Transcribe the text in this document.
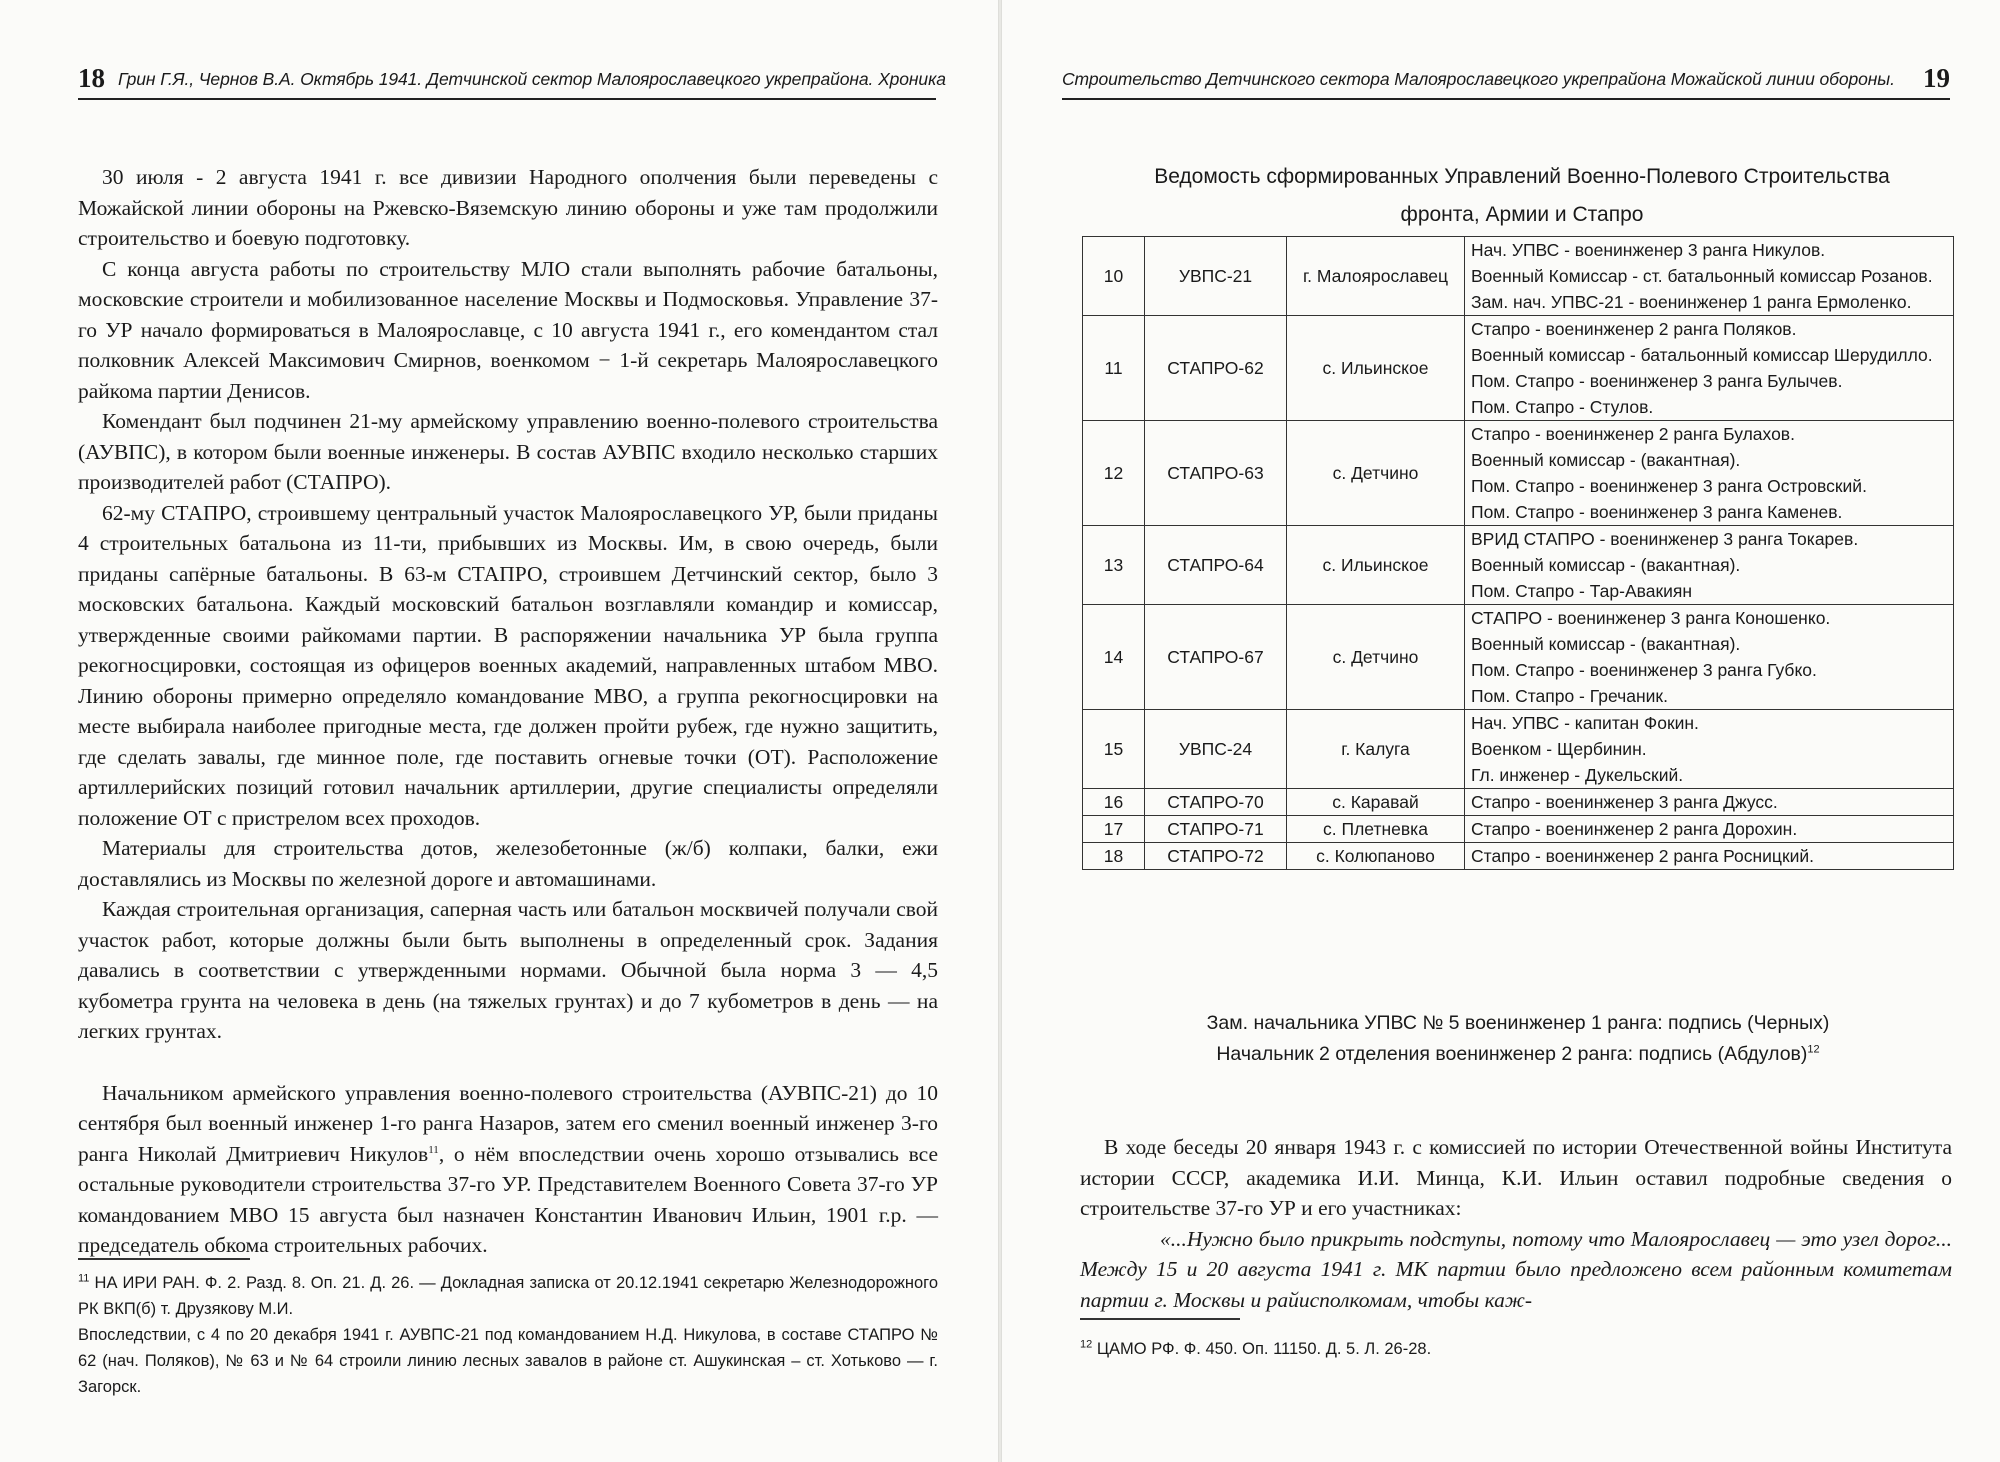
18 Грин Г.Я., Чернов В.А. Октябрь 1941. Детчинской сектор Малоярославецкого укрепрайона. Хроника

30 июля - 2 августа 1941 г. все дивизии Народного ополчения были переведены с Можайской линии обороны на Ржевско-Вяземскую линию обороны и уже там продолжили строительство и боевую подготовку.

С конца августа работы по строительству МЛО стали выполнять рабочие батальоны, московские строители и мобилизованное население Москвы и Подмосковья. Управление 37-го УР начало формироваться в Малоярославце, с 10 августа 1941 г., его комендантом стал полковник Алексей Максимович Смирнов, военкомом − 1-й секретарь Малоярославецкого райкома партии Денисов.

Комендант был подчинен 21-му армейскому управлению военно-полевого строительства (АУВПС), в котором были военные инженеры. В состав АУВПС входило несколько старших производителей работ (СТАПРО).

62-му СТАПРО, строившему центральный участок Малоярославецкого УР, были приданы 4 строительных батальона из 11-ти, прибывших из Москвы. Им, в свою очередь, были приданы сапёрные батальоны. В 63-м СТАПРО, строившем Детчинский сектор, было 3 московских батальона. Каждый московский батальон возглавляли командир и комиссар, утвержденные своими райкомами партии. В распоряжении начальника УР была группа рекогносцировки, состоящая из офицеров военных академий, направленных штабом МВО. Линию обороны примерно определяло командование МВО, а группа рекогносцировки на месте выбирала наиболее пригодные места, где должен пройти рубеж, где нужно защитить, где сделать завалы, где минное поле, где поставить огневые точки (ОТ). Расположение артиллерийских позиций готовил начальник артиллерии, другие специалисты определяли положение ОТ с пристрелом всех проходов.

Материалы для строительства дотов, железобетонные (ж/б) колпаки, балки, ежи доставлялись из Москвы по железной дороге и автомашинами.

Каждая строительная организация, саперная часть или батальон москвичей получали свой участок работ, которые должны были быть выполнены в определенный срок. Задания давались в соответствии с утвержденными нормами. Обычной была норма 3 — 4,5 кубометра грунта на человека в день (на тяжелых грунтах) и до 7 кубометров в день — на легких грунтах.

Начальником армейского управления военно-полевого строительства (АУВПС-21) до 10 сентября был военный инженер 1-го ранга Назаров, затем его сменил военный инженер 3-го ранга Николай Дмитриевич Никулов$^{11}$, о нём впоследствии очень хорошо отзывались все остальные руководители строительства 37-го УР. Представителем Военного Совета 37-го УР командованием МВО 15 августа был назначен Константин Иванович Ильин, 1901 г.р. — председатель обкома строительных рабочих.

$^{11}$ НА ИРИ РАН. Ф. 2. Разд. 8. Оп. 21. Д. 26. — Докладная записка от 20.12.1941 секретарю Железнодорожного РК ВКП(б) т. Друзякову М.И.

Впоследствии, с 4 по 20 декабря 1941 г. АУВПС-21 под командованием Н.Д. Никулова, в составе СТАПРО № 62 (нач. Поляков), № 63 и № 64 строили линию лесных завалов в районе ст. Ашукинская – ст. Хотьково — г. Загорск.

Строительство Детчинского сектора Малоярославецкого укрепрайона Можайской линии обороны. 19
Ведомость сформированных Управлений Военно-Полевого Строительства
фронта, Армии и Стапро
10	УВПС-21	г. Малоярославец	Нач. УПВС - военинженер 3 ранга Никулов.
Военный Комиссар - ст. батальонный комиссар Розанов.
Зам. нач. УПВС-21 - военинженер 1 ранга Ермоленко.
11	СТАПРО-62	с. Ильинское	Стапро - военинженер 2 ранга Поляков.
Военный комиссар - батальонный комиссар Шерудилло.
Пом. Стапро - военинженер 3 ранга Булычев.
Пом. Стапро - Стулов.
12	СТАПРО-63	с. Детчино	Стапро - военинженер 2 ранга Булахов.
Военный комиссар - (вакантная).
Пом. Стапро - военинженер 3 ранга Островский.
Пом. Стапро - военинженер 3 ранга Каменев.
13	СТАПРО-64	с. Ильинское	ВРИД СТАПРО - военинженер 3 ранга Токарев.
Военный комиссар - (вакантная).
Пом. Стапро - Тар-Авакиян
14	СТАПРО-67	с. Детчино	СТАПРО - военинженер 3 ранга Коношенко.
Военный комиссар - (вакантная).
Пом. Стапро - военинженер 3 ранга Губко.
Пом. Стапро - Гречаник.
15	УВПС-24	г. Калуга	Нач. УПВС - капитан Фокин.
Военком - Щербинин.
Гл. инженер - Дукельский.
16	СТАПРО-70	с. Каравай	Стапро - военинженер 3 ранга Джусс.
17	СТАПРО-71	с. Плетневка	Стапро - военинженер 2 ранга Дорохин.
18	СТАПРО-72	с. Колюпаново	Стапро - военинженер 2 ранга Росницкий.
Зам. начальника УПВС № 5 военинженер 1 ранга: подпись (Черных)
Начальник 2 отделения военинженер 2 ранга: подпись (Абдулов)$^{12}$

В ходе беседы 20 января 1943 г. с комиссией по истории Отечественной войны Института истории СССР, академика И.И. Минца, К.И. Ильин оставил подробные сведения о строительстве 37-го УР и его участниках:

«...Нужно было прикрыть подступы, потому что Малоярославец — это узел дорог... Между 15 и 20 августа 1941 г. МК партии было предложено всем районным комитетам партии г. Москвы и райисполкомам, чтобы каж-

$^{12}$ ЦАМО РФ. Ф. 450. Оп. 11150. Д. 5. Л. 26-28.
